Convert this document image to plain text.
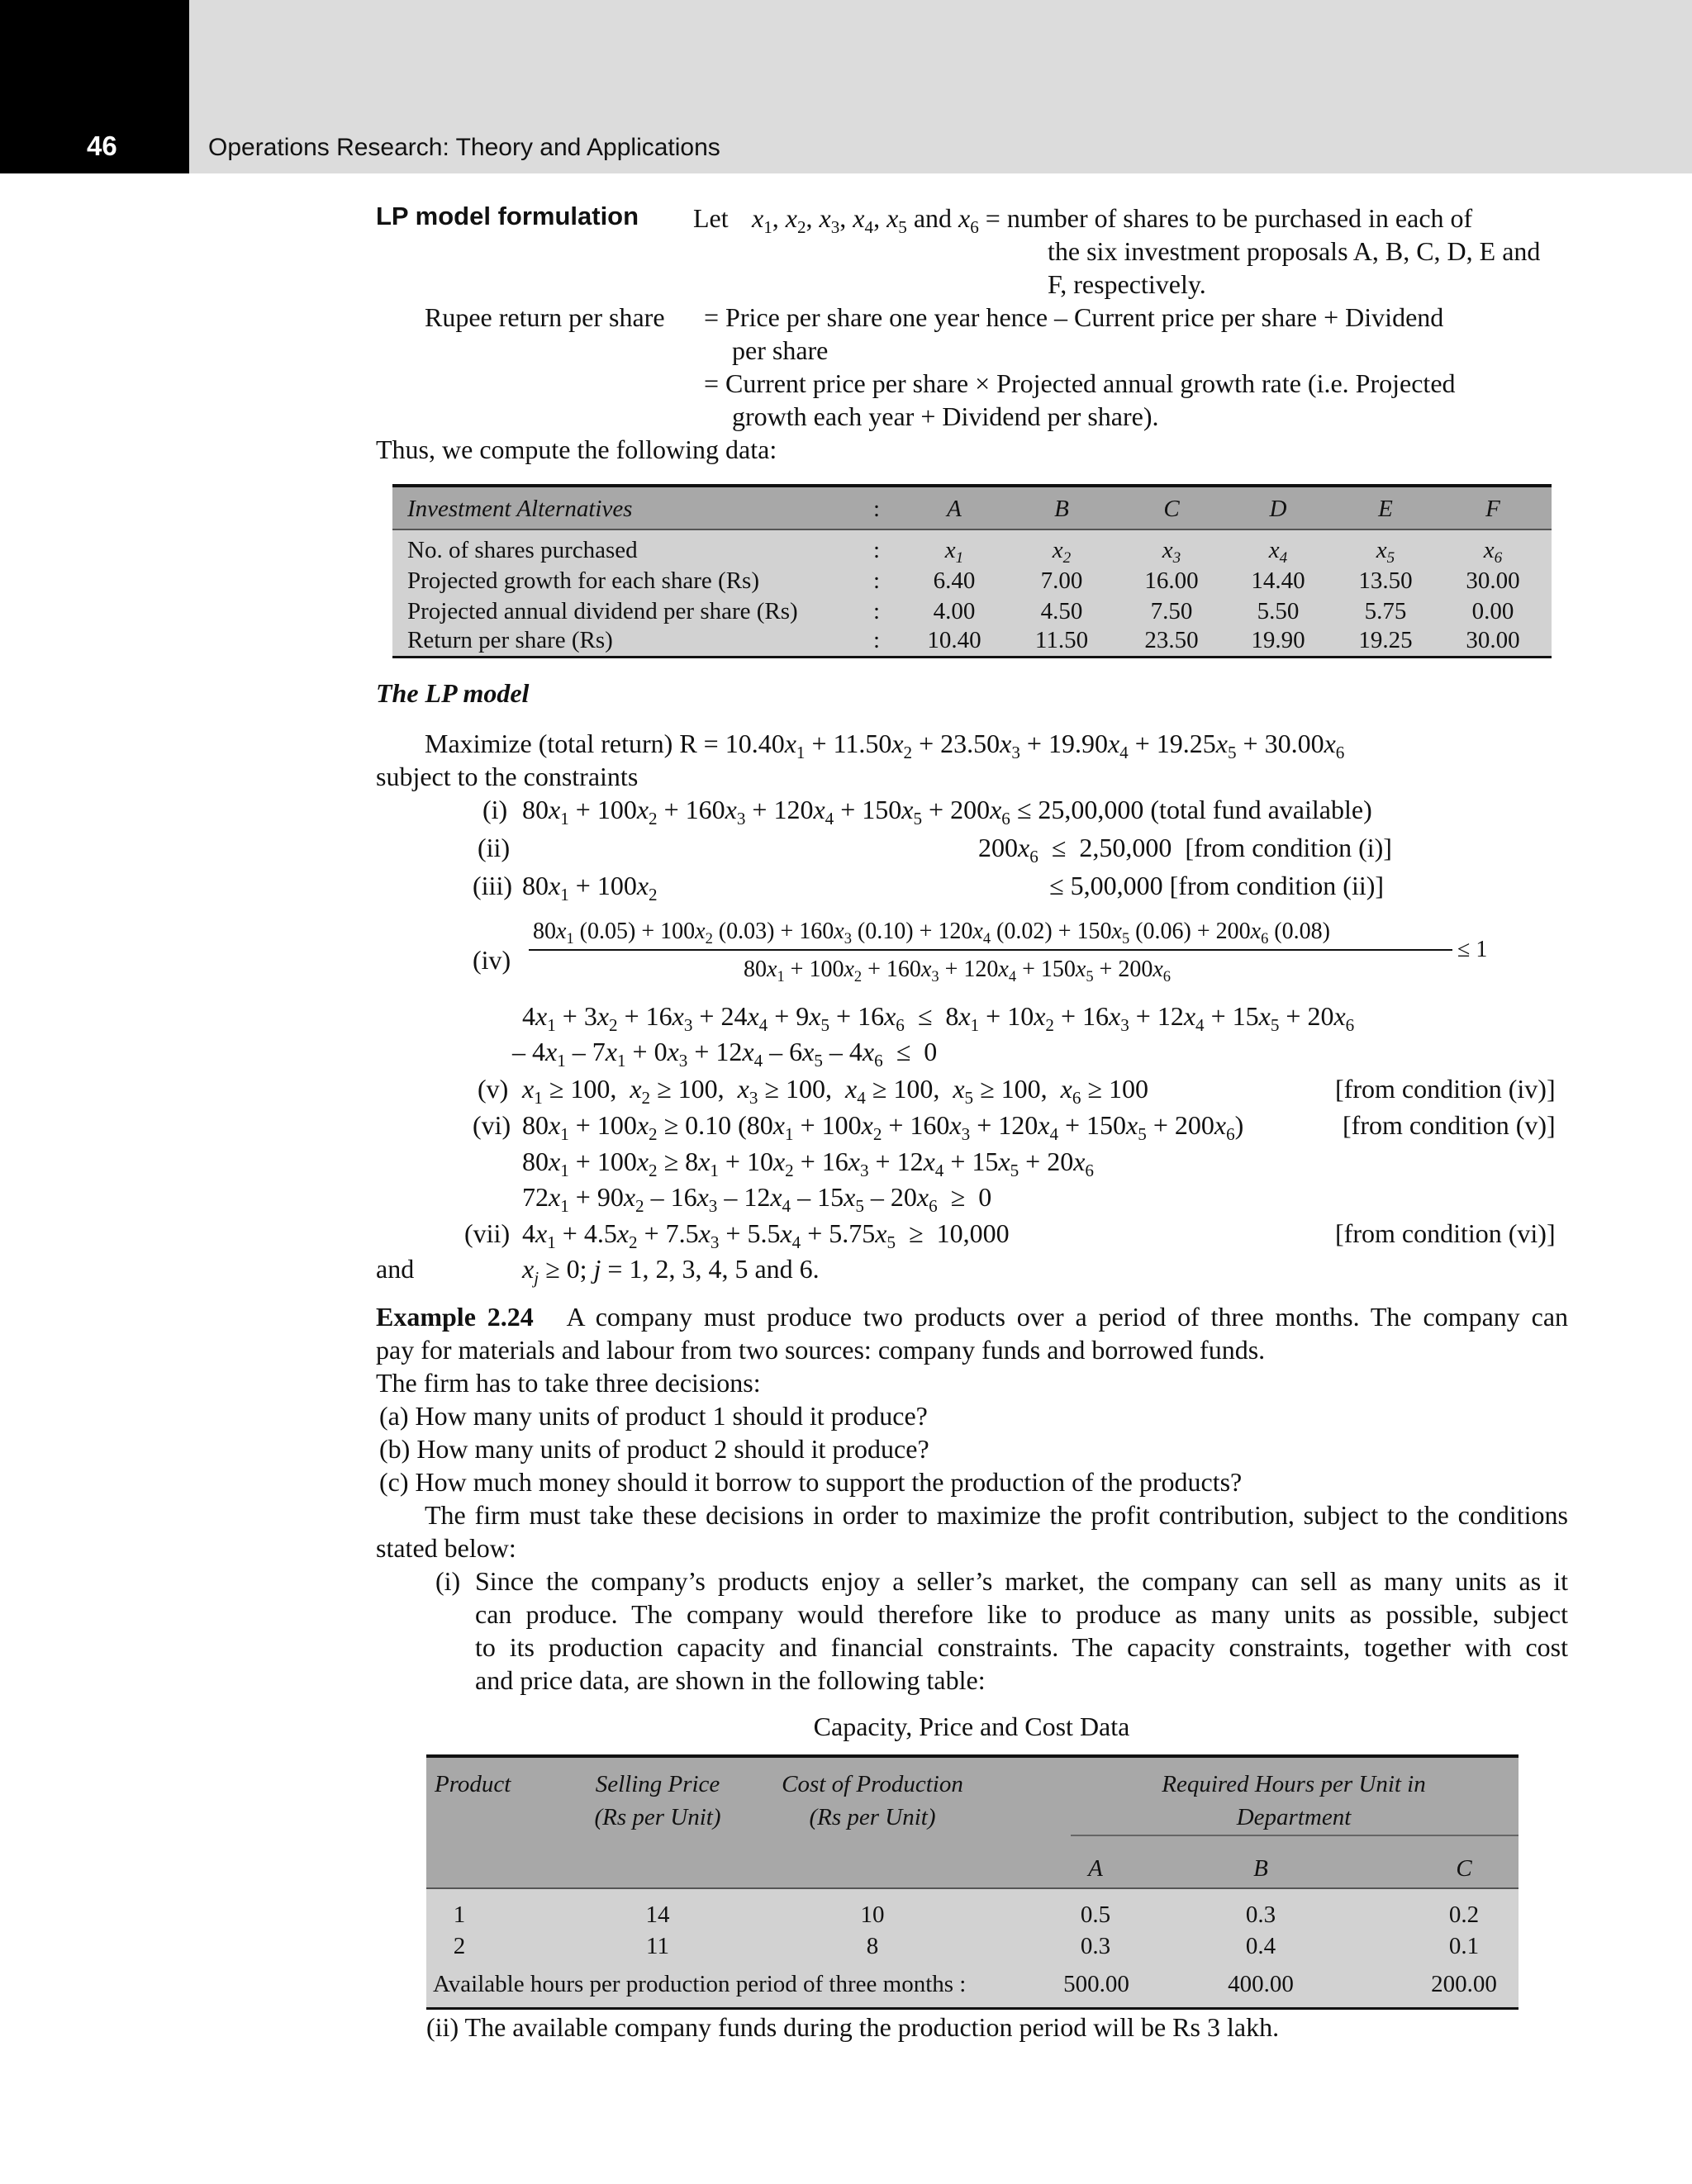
46	Operations Research: Theory and Applications
LP model formulation Let $x_1$, $x_2$, $x_3$, $x_4$, $x_5$ and $x_6$ = number of shares to be purchased in each of
the six investment proposals A, B, C, D, E and
F, respectively.
Rupee return per share = Price per share one year hence – Current price per share + Dividend
per share
= Current price per share × Projected annual growth rate (i.e. Projected
growth each year + Dividend per share).
Thus, we compute the following data:
Investment Alternatives	:	A	B	C	D	E	F
No. of shares purchased	:	$x_1$	$x_2$	$x_3$	$x_4$	$x_5$	$x_6$
Projected growth for each share (Rs)	:	6.40	7.00	16.00	14.40	13.50	30.00
Projected annual dividend per share (Rs)	:	4.00	4.50	7.50	5.50	5.75	0.00
Return per share (Rs)	:	10.40	11.50	23.50	19.90	19.25	30.00
The LP model
Maximize (total return) $R = 10.40x_1 + 11.50x_2 + 23.50x_3 + 19.90x_4 + 19.25x_5 + 30.00x_6$
subject to the constraints
(i) $80x_1 + 100x_2 + 160x_3 + 120x_4 + 150x_5 + 200x_6 \le 25,00,000$ (total fund available)
(ii)	$200x_6 \le 2,50,000$  [from condition (i)]
(iii) $80x_1 + 100x_2$	≤ 5,00,000 [from condition (ii)]
(iv)
$80x_1$ $(0.05) + 100x_2$ $(0.03) + 160x_3$ $(0.10) + 120x_4$ $(0.02) + 150x_5$ $(0.06) + 200x_6$ (0.08)
$80x_1 + 100x_2 + 160x_3 + 120x_4 + 150x_5 + 200x_6$
≤ 1
$4x_1 + 3x_2 + 16x_3 + 24x_4 + 9x_5 + 16x_6 \le 8x_1 + 10x_2 + 16x_3 + 12x_4 + 15x_5 + 20x_6$
– $4x_1 - 7x_1 + 0x_3 + 12x_4 - 6x_5 - 4x_6 \le 0$
(v) $x_1 \ge 100$,  $x_2 \ge 100$,  $x_3 \ge 100$,  $x_4 \ge 100$,  $x_5 \ge 100$,  $x_6 \ge 100$	[from condition (iv)]
(vi) $80x_1 + 100x_2 \ge 0.10$ $(80x_1 + 100x_2 + 160x_3 + 120x_4 + 150x_5 + 200x_6)$	[from condition (v)]
$80x_1 + 100x_2 \ge 8x_1 + 10x_2 + 16x_3 + 12x_4 + 15x_5 + 20x_6$
$72x_1 + 90x_2 - 16x_3 - 12x_4 - 15x_5 - 20x_6 \ge 0$
(vii) $4x_1 + 4.5x_2 + 7.5x_3 + 5.5x_4 + 5.75x_5 \ge 10,000$	[from condition (vi)]
and	$x_j \ge 0$; j = 1, 2, 3, 4, 5 and 6.
Example 2.24 A company must produce two products over a period of three months. The company can
pay for materials and labour from two sources: company funds and borrowed funds.
The firm has to take three decisions:
(a) How many units of product 1 should it produce?
(b) How many units of product 2 should it produce?
(c) How much money should it borrow to support the production of the products?
The firm must take these decisions in order to maximize the profit contribution, subject to the conditions
stated below:
(i) Since the company’s products enjoy a seller’s market, the company can sell as many units as it
can produce. The company would therefore like to produce as many units as possible, subject
to its production capacity and financial constraints. The capacity constraints, together with cost
and price data, are shown in the following table:
Capacity, Price and Cost Data
Product	Selling Price
(Rs per Unit)
Cost of Production
(Rs per Unit)
Required Hours per Unit in
Department
A	B	C
1	14	10	0.5	0.3	0.2
2	11	8	0.3	0.4	0.1
Available hours per production period of three months :	500.00	400.00	200.00
(ii) The available company funds during the production period will be Rs 3 lakh.
